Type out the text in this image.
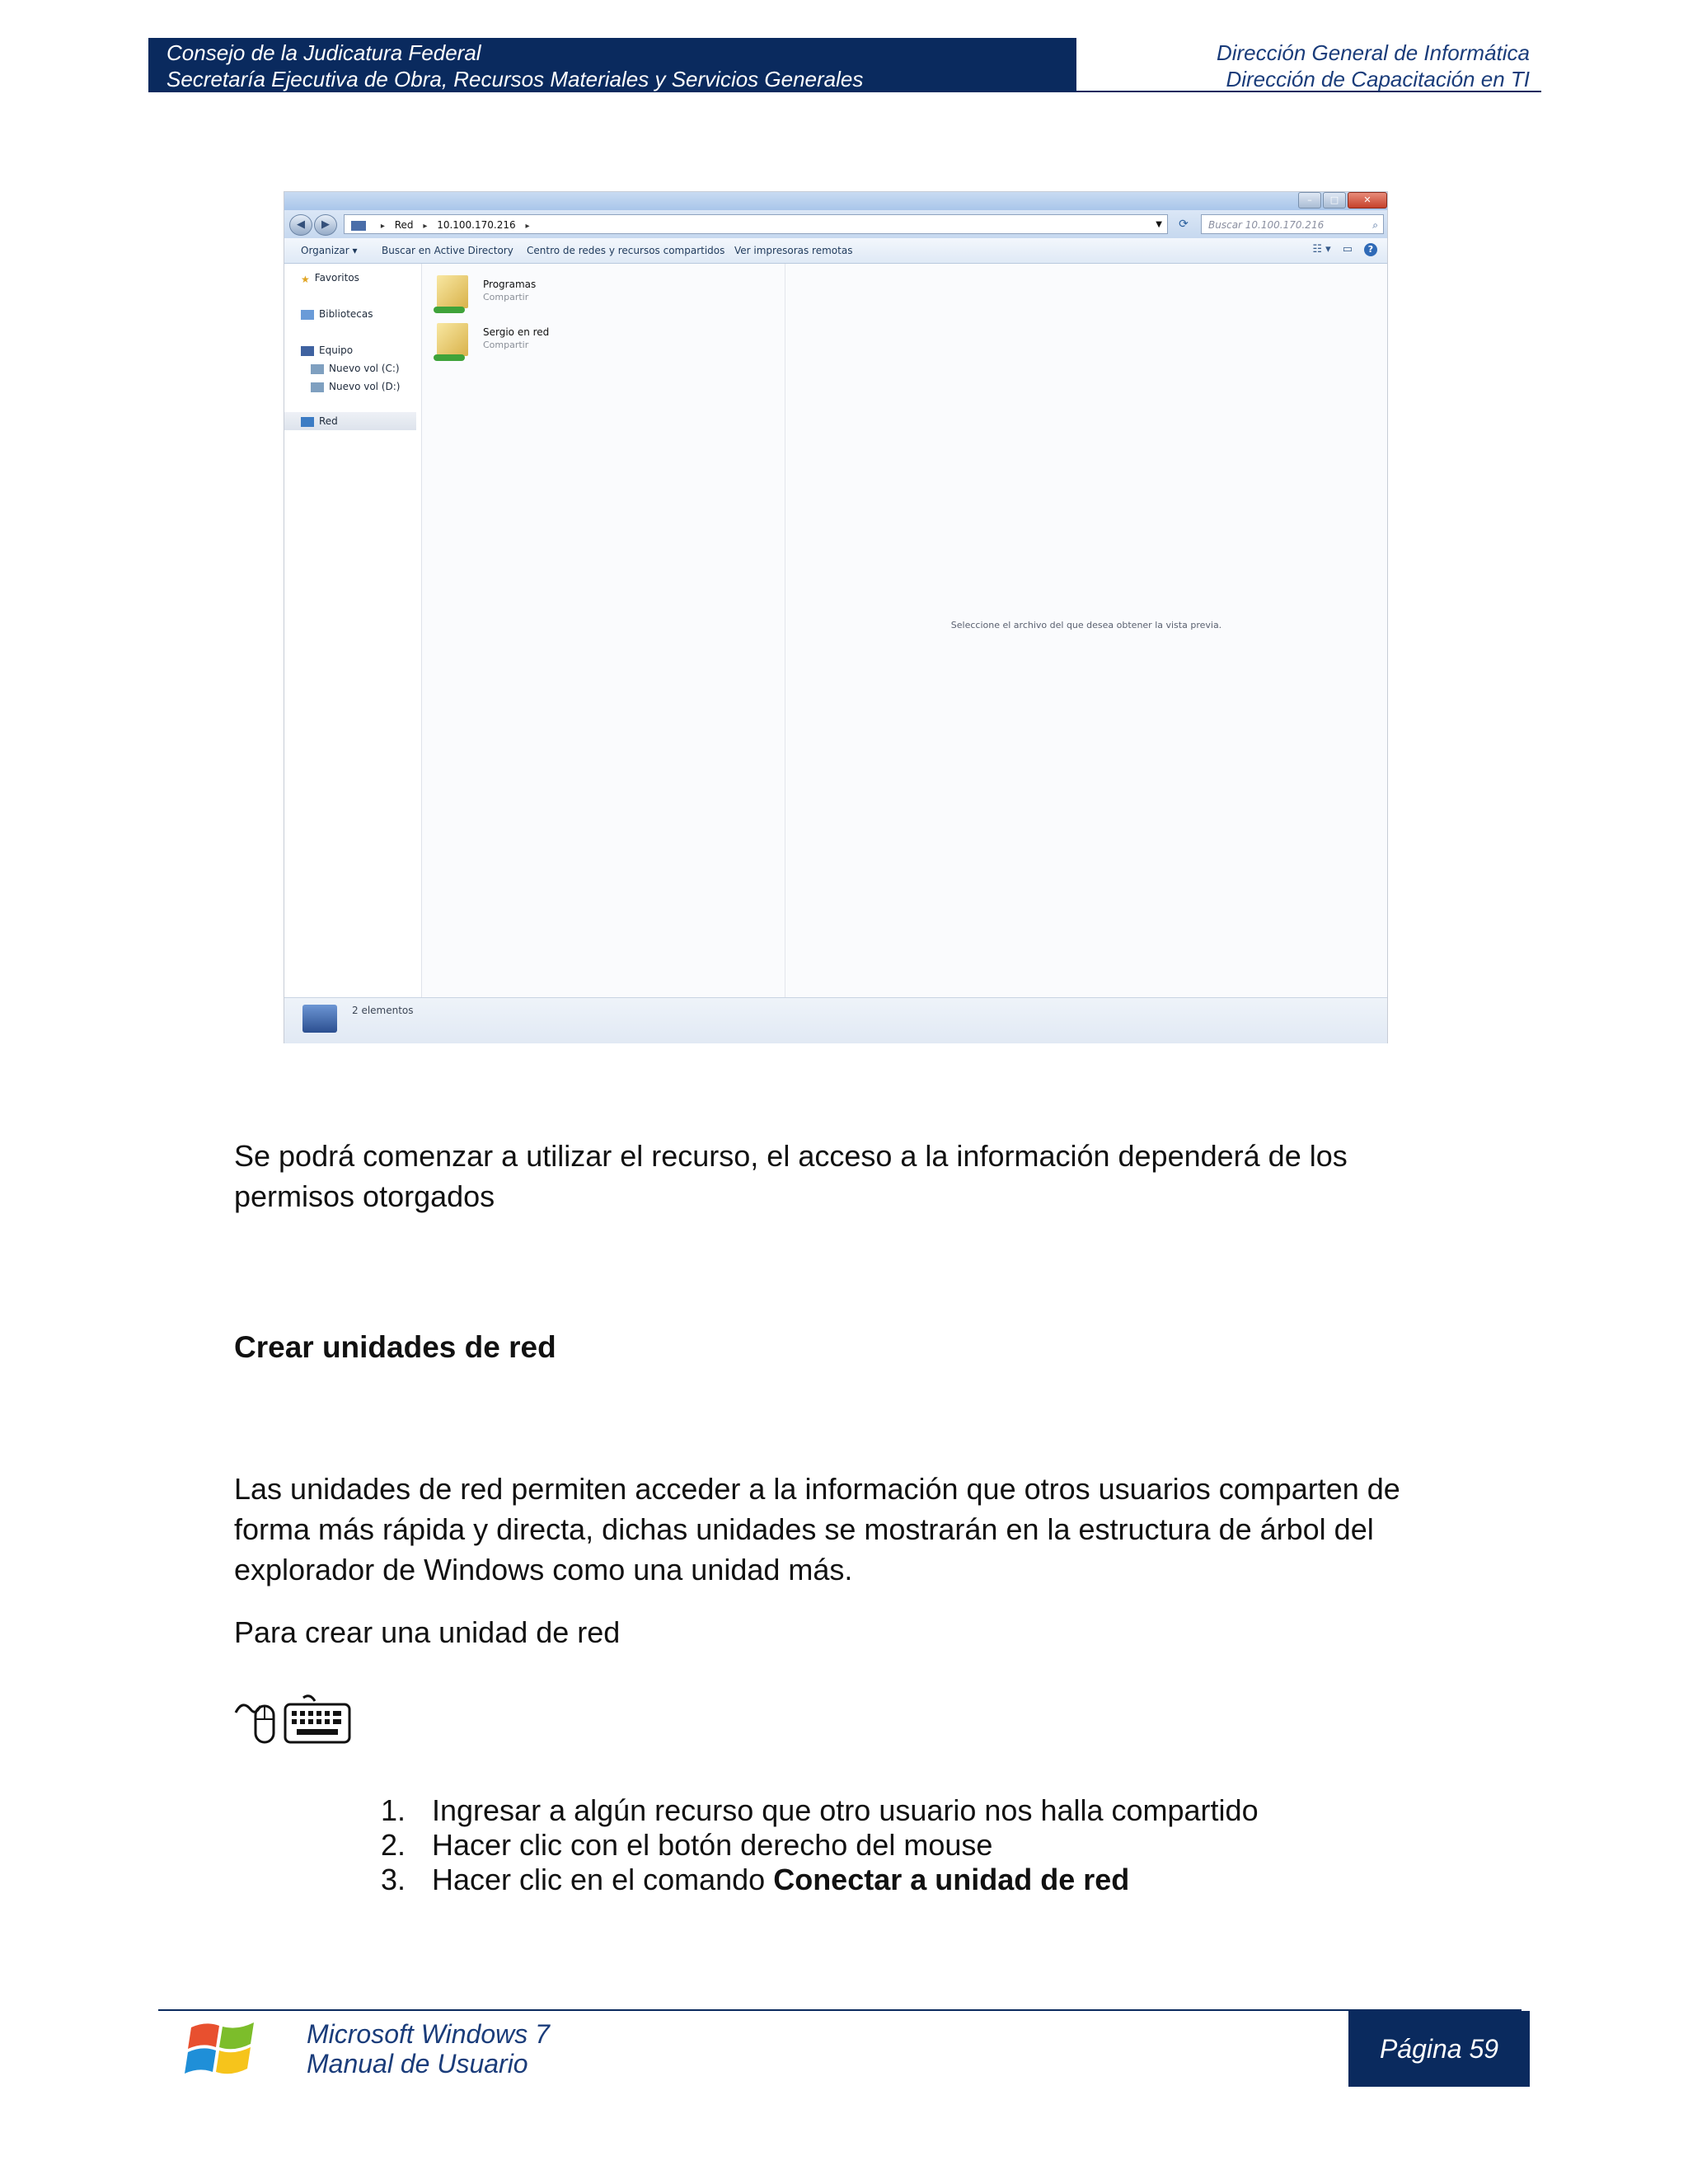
Consejo de la Judicatura Federal
Secretaría Ejecutiva de Obra, Recursos Materiales y Servicios Generales
Dirección General de Informática
Dirección de Capacitación en TI
–	□	✕
◀	▶	▸ Red ▸ 10.100.170.216 ▸	▼	⟳	Buscar 10.100.170.216	⌕
Organizar ▾ Buscar en Active Directory Centro de redes y recursos compartidos Ver impresoras remotas	☷ ▾ ▭	?
★ Favoritos
Bibliotecas
Equipo
Nuevo vol (C:)
Nuevo vol (D:)
Red
Programas
Compartir
Sergio en red
Compartir
Seleccione el archivo del que desea obtener la vista previa.
2 elementos
Se podrá comenzar a utilizar el recurso, el acceso a la información dependerá de los
permisos otorgados
Crear unidades de red
Las unidades de red permiten acceder a la información que otros usuarios comparten de
forma más rápida y directa, dichas unidades se mostrarán en la estructura de árbol del
explorador de Windows como una unidad más.
Para crear una unidad de red
1. Ingresar a algún recurso que otro usuario nos halla compartido
2. Hacer clic con el botón derecho del mouse
3. Hacer clic en el comando Conectar a unidad de red
Microsoft Windows 7
Manual de Usuario	Página 59
